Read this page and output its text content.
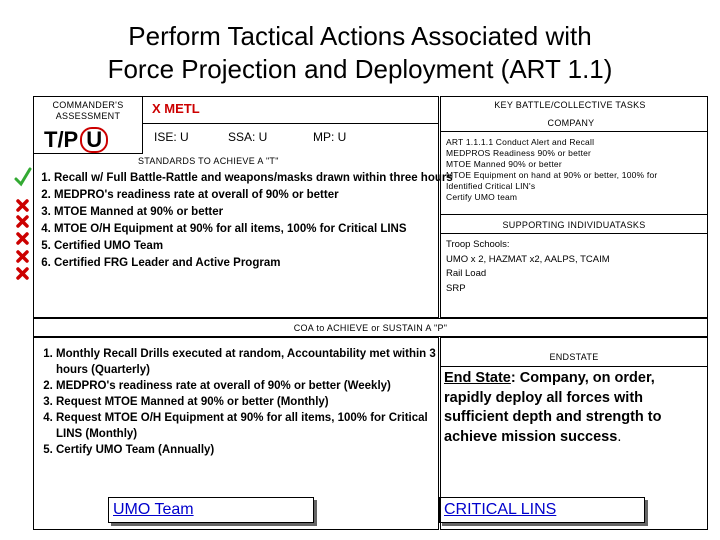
Perform Tactical Actions Associated with
Force Projection and Deployment (ART 1.1)
COMMANDER'S
ASSESSMENT
T/P U
X METL
ISE: U	SSA: U	MP: U
STANDARDS TO ACHIEVE A "T"
1. Recall w/ Full Battle-Rattle and weapons/masks drawn within three hours
2. MEDPRO's readiness rate at overall of 90% or better
3. MTOE Manned at 90% or better
4. MTOE O/H Equipment at 90% for all items, 100% for Critical LINS
5. Certified UMO Team
6. Certified FRG Leader and Active Program
KEY BATTLE/COLLECTIVE TASKS
COMPANY
ART 1.1.1.1 Conduct Alert and Recall
MEDPROS Readiness 90% or better
MTOE Manned 90% or better
MTOE Equipment on hand at 90% or better, 100% for
Identified Critical LIN's
Certify UMO team
SUPPORTING INDIVIDUATASKS
Troop Schools:
UMO x 2, HAZMAT x2, AALPS, TCAIM
Rail Load
SRP
COA to ACHIEVE or SUSTAIN A "P"
1. Monthly Recall Drills executed at random, Accountability met within 3 hours (Quarterly)
2. MEDPRO's readiness rate at overall of 90% or better (Weekly)
3. Request MTOE Manned at 90% or better (Monthly)
4. Request MTOE O/H Equipment at 90% for all items, 100% for Critical LINS (Monthly)
5. Certify UMO Team (Annually)
ENDSTATE
End State: Company, on order, rapidly deploy all forces with sufficient depth and strength to achieve mission success.
UMO Team	CRITICAL LINS
